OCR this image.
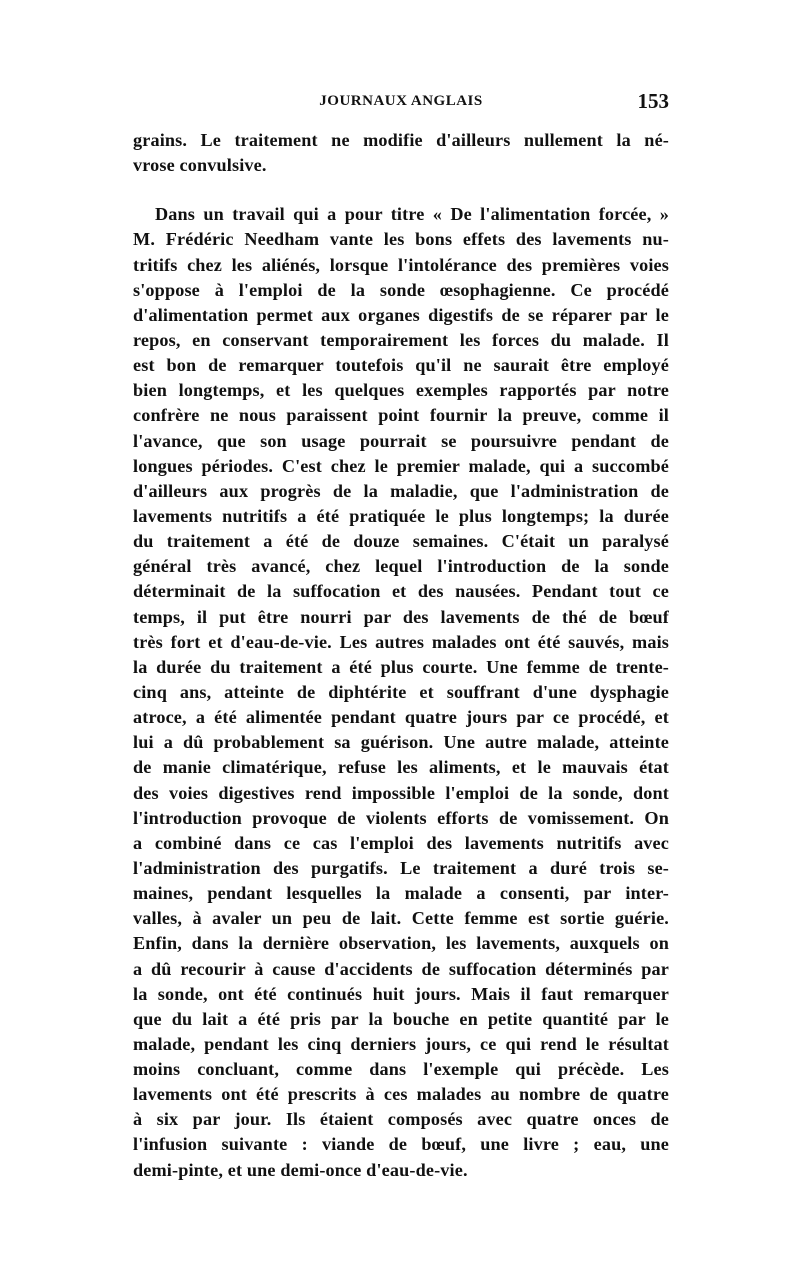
JOURNAUX ANGLAIS	153
grains. Le traitement ne modifie d'ailleurs nullement la né-
vrose convulsive.
Dans un travail qui a pour titre « De l'alimentation forcée, »
M. Frédéric Needham vante les bons effets des lavements nu-
tritifs chez les aliénés, lorsque l'intolérance des premières voies
s'oppose à l'emploi de la sonde œsophagienne. Ce procédé
d'alimentation permet aux organes digestifs de se réparer par le
repos, en conservant temporairement les forces du malade. Il
est bon de remarquer toutefois qu'il ne saurait être employé
bien longtemps, et les quelques exemples rapportés par notre
confrère ne nous paraissent point fournir la preuve, comme il
l'avance, que son usage pourrait se poursuivre pendant de
longues périodes. C'est chez le premier malade, qui a succombé
d'ailleurs aux progrès de la maladie, que l'administration de
lavements nutritifs a été pratiquée le plus longtemps; la durée
du traitement a été de douze semaines. C'était un paralysé
général très avancé, chez lequel l'introduction de la sonde
déterminait de la suffocation et des nausées. Pendant tout ce
temps, il put être nourri par des lavements de thé de bœuf
très fort et d'eau-de-vie. Les autres malades ont été sauvés, mais
la durée du traitement a été plus courte. Une femme de trente-
cinq ans, atteinte de diphtérite et souffrant d'une dysphagie
atroce, a été alimentée pendant quatre jours par ce procédé, et
lui a dû probablement sa guérison. Une autre malade, atteinte
de manie climatérique, refuse les aliments, et le mauvais état
des voies digestives rend impossible l'emploi de la sonde, dont
l'introduction provoque de violents efforts de vomissement. On
a combiné dans ce cas l'emploi des lavements nutritifs avec
l'administration des purgatifs. Le traitement a duré trois se-
maines, pendant lesquelles la malade a consenti, par inter-
valles, à avaler un peu de lait. Cette femme est sortie guérie.
Enfin, dans la dernière observation, les lavements, auxquels on
a dû recourir à cause d'accidents de suffocation déterminés par
la sonde, ont été continués huit jours. Mais il faut remarquer
que du lait a été pris par la bouche en petite quantité par le
malade, pendant les cinq derniers jours, ce qui rend le résultat
moins concluant, comme dans l'exemple qui précède. Les
lavements ont été prescrits à ces malades au nombre de quatre
à six par jour. Ils étaient composés avec quatre onces de
l'infusion suivante : viande de bœuf, une livre ; eau, une
demi-pinte, et une demi-once d'eau-de-vie.
